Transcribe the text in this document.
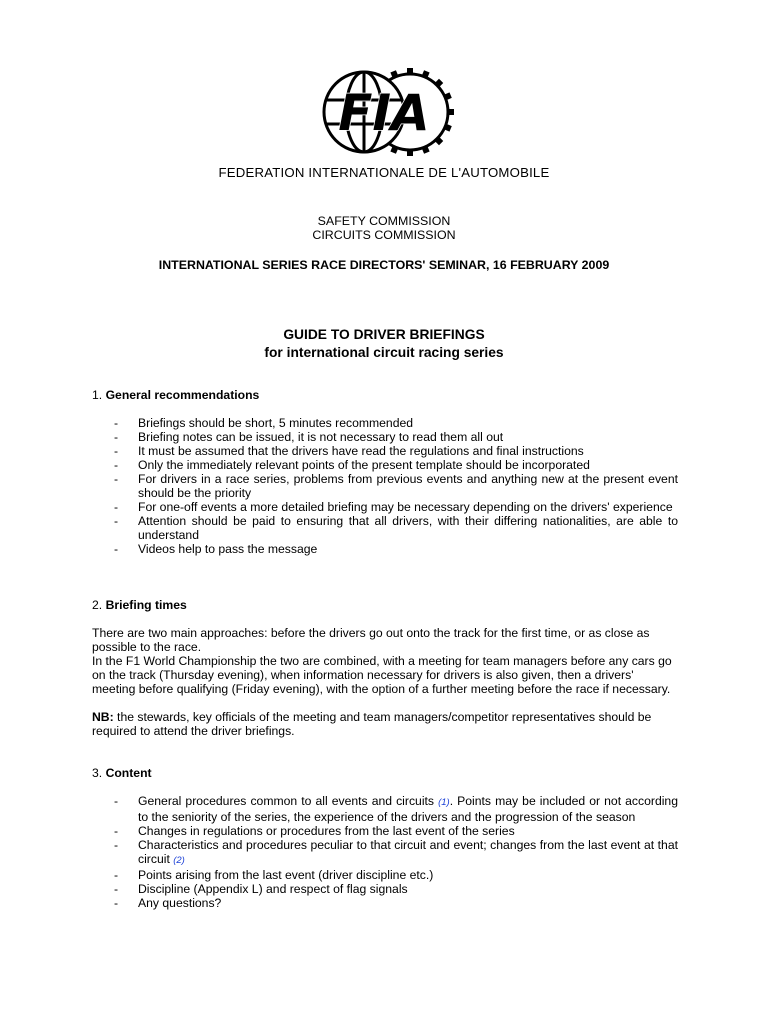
FIA
FEDERATION INTERNATIONALE DE L'AUTOMOBILE
SAFETY COMMISSION
CIRCUITS COMMISSION
INTERNATIONAL SERIES RACE DIRECTORS' SEMINAR, 16 FEBRUARY 2009
GUIDE TO DRIVER BRIEFINGS
for international circuit racing series
1. General recommendations
- Briefings should be short, 5 minutes recommended
- Briefing notes can be issued, it is not necessary to read them all out
- It must be assumed that the drivers have read the regulations and final instructions
- Only the immediately relevant points of the present template should be incorporated
- For drivers in a race series, problems from previous events and anything new at the present event should be the priority
- For one-off events a more detailed briefing may be necessary depending on the drivers' experience
- Attention should be paid to ensuring that all drivers, with their differing nationalities, are able to understand
- Videos help to pass the message
2. Briefing times
There are two main approaches: before the drivers go out onto the track for the first time, or as close as possible to the race.
In the F1 World Championship the two are combined, with a meeting for team managers before any cars go on the track (Thursday evening), when information necessary for drivers is also given, then a drivers' meeting before qualifying (Friday evening), with the option of a further meeting before the race if necessary.
NB: the stewards, key officials of the meeting and team managers/competitor representatives should be required to attend the driver briefings.
3. Content
- General procedures common to all events and circuits (1). Points may be included or not according to the seniority of the series, the experience of the drivers and the progression of the season
- Changes in regulations or procedures from the last event of the series
- Characteristics and procedures peculiar to that circuit and event; changes from the last event at that circuit (2)
- Points arising from the last event (driver discipline etc.)
- Discipline (Appendix L) and respect of flag signals
- Any questions?
